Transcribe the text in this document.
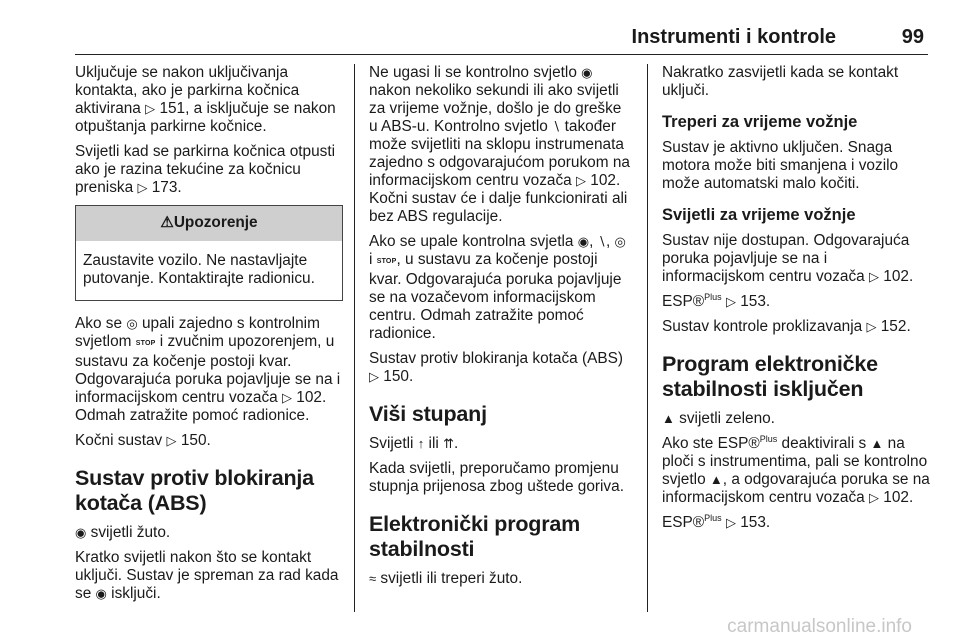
Instrumenti i kontrole	99

Uključuje se nakon uključivanja kontakta, ako je parkirna kočnica aktivirana ▷ 151, a isključuje se nakon otpuštanja parkirne kočnice.

Svijetli kad se parkirna kočnica otpusti ako je razina tekućine za kočnicu preniska ▷ 173.

⚠Upozorenje
Zaustavite vozilo. Ne nastavljajte putovanje. Kontaktirajte radionicu.

Ako se ◎ upali zajedno s kontrolnim svjetlom STOP i zvučnim upozorenjem, u sustavu za kočenje postoji kvar. Odgovarajuća poruka pojavljuje se na i informacijskom centru vozača ▷ 102. Odmah zatražite pomoć radionice.

Kočni sustav ▷ 150.

Sustav protiv blokiranja kotača (ABS)

◉ svijetli žuto.

Kratko svijetli nakon što se kontakt uključi. Sustav je spreman za rad kada se ◉ isključi.

Ne ugasi li se kontrolno svjetlo ◉ nakon nekoliko sekundi ili ako svijetli za vrijeme vožnje, došlo je do greške u ABS-u. Kontrolno svjetlo ∖ također može svijetliti na sklopu instrumenata zajedno s odgovarajućom porukom na informacijskom centru vozača ▷ 102. Kočni sustav će i dalje funkcionirati ali bez ABS regulacije.

Ako se upale kontrolna svjetla ◉, ∖, ◎ i STOP, u sustavu za kočenje postoji kvar. Odgovarajuća poruka pojavljuje se na vozačevom informacijskom centru. Odmah zatražite pomoć radionice.

Sustav protiv blokiranja kotača (ABS) ▷ 150.

Viši stupanj

Svijetli ↑ ili ⇈.

Kada svijetli, preporučamo promjenu stupnja prijenosa zbog uštede goriva.

Elektronički program stabilnosti

≈ svijetli ili treperi žuto.

Nakratko zasvijetli kada se kontakt uključi.

Treperi za vrijeme vožnje

Sustav je aktivno uključen. Snaga motora može biti smanjena i vozilo može automatski malo kočiti.

Svijetli za vrijeme vožnje

Sustav nije dostupan. Odgovarajuća poruka pojavljuje se na i informacijskom centru vozača ▷ 102.

ESP®$^{Plus}$ ▷ 153.

Sustav kontrole proklizavanja ▷ 152.

Program elektroničke stabilnosti isključen

▲ svijetli zeleno.

Ako ste ESP®$^{Plus}$ deaktivirali s ▲ na ploči s instrumentima, pali se kontrolno svjetlo ▲, a odgovarajuća poruka se na informacijskom centru vozača ▷ 102.

ESP®$^{Plus}$ ▷ 153.

carmanualsonline.info
